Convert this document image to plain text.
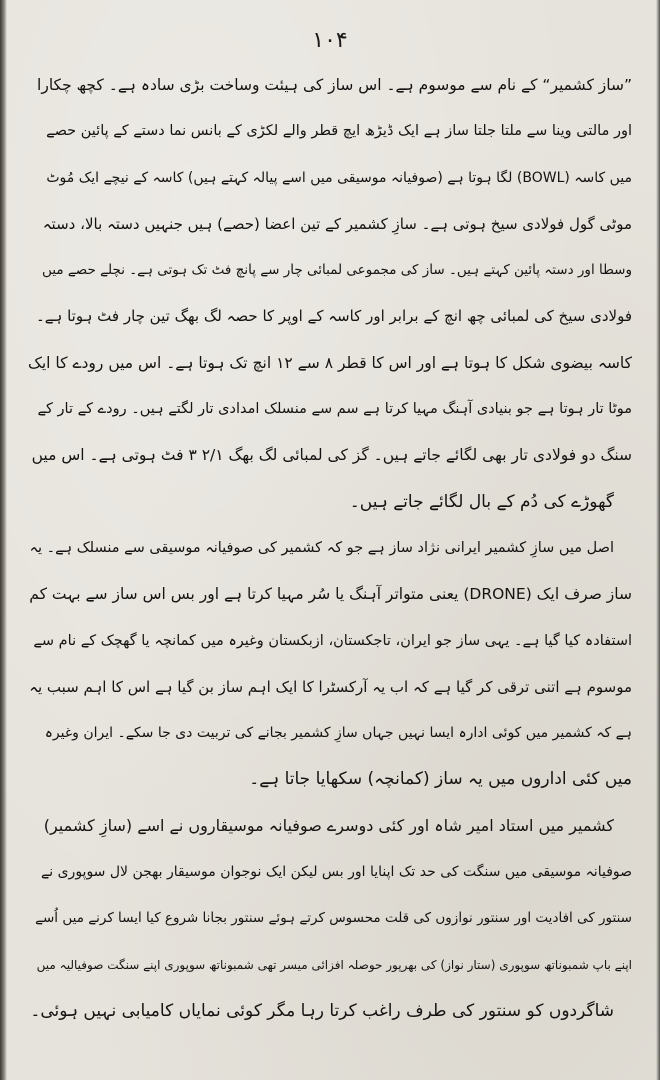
۱۰۴
”ساز کشمیر“ کے نام سے موسوم ہے۔ اس ساز کی ہیئت وساخت بڑی سادہ ہے۔ کچھ چکارا
اور مالتی وینا سے ملتا جلتا ساز ہے ایک ڈیڑھ ایچ قطر والے لکڑی کے بانس نما دستے کے پائین حصے
میں کاسہ (BOWL) لگا ہوتا ہے (صوفیانہ موسیقی میں اسے پیالہ کہتے ہیں) کاسہ کے نیچے ایک مُوٹ
موٹی گول فولادی سیخ ہوتی ہے۔ سازِ کشمیر کے تین اعضا (حصے) ہیں جنہیں دستہ بالا، دستہ
وسطا اور دستہ پائین کہتے ہیں۔ ساز کی مجموعی لمبائی چار سے پانچ فٹ تک ہوتی ہے۔ نچلے حصے میں
فولادی سیخ کی لمبائی چھ انچ کے برابر اور کاسہ کے اوپر کا حصہ لگ بھگ تین چار فٹ ہوتا ہے۔
کاسہ بیضوی شکل کا ہوتا ہے اور اس کا قطر ۸ سے ۱۲ انچ تک ہوتا ہے۔ اس میں رودے کا ایک
موٹا تار ہوتا ہے جو بنیادی آہنگ مہیا کرتا ہے سم سے منسلک امدادی تار لگتے ہیں۔ رودے کے تار کے
سنگ دو فولادی تار بھی لگائے جاتے ہیں۔ گز کی لمبائی لگ بھگ ۲/۱ ۳ فٹ ہوتی ہے۔ اس میں
گھوڑے کی دُم کے بال لگائے جاتے ہیں۔
اصل میں سازِ کشمیر ایرانی نژاد ساز ہے جو کہ کشمیر کی صوفیانہ موسیقی سے منسلک ہے۔ یہ
ساز صرف ایک (DRONE) یعنی متواتر آہنگ یا سُر مہیا کرتا ہے اور بس اس ساز سے بہت کم
استفادہ کیا گیا ہے۔ یہی ساز جو ایران، تاجکستان، ازبکستان وغیرہ میں کمانچہ یا گھچک کے نام سے
موسوم ہے اتنی ترقی کر گیا ہے کہ اب یہ آرکسٹرا کا ایک اہم ساز بن گیا ہے اس کا اہم سبب یہ
ہے کہ کشمیر میں کوئی ادارہ ایسا نہیں جہاں سازِ کشمیر بجانے کی تربیت دی جا سکے۔ ایران وغیرہ
میں کئی اداروں میں یہ ساز (کمانچہ) سکھایا جاتا ہے۔
کشمیر میں استاد امیر شاہ اور کئی دوسرے صوفیانہ موسیقاروں نے اسے (سازِ کشمیر)
صوفیانہ موسیقی میں سنگت کی حد تک اپنایا اور بس لیکن ایک نوجوان موسیقار بھجن لال سوپوری نے
سنتور کی افادیت اور سنتور نوازوں کی قلت محسوس کرتے ہوئے سنتور بجانا شروع کیا ایسا کرنے میں اُسے
اپنے باپ شمبوناتھ سوپوری (ستار نواز) کی بھرپور حوصلہ افزائی میسر تھی شمبوناتھ سوپوری اپنے سنگت صوفیالیہ میں
شاگردوں کو سنتور کی طرف راغب کرتا رہا مگر کوئی نمایاں کامیابی نہیں ہوئی۔
